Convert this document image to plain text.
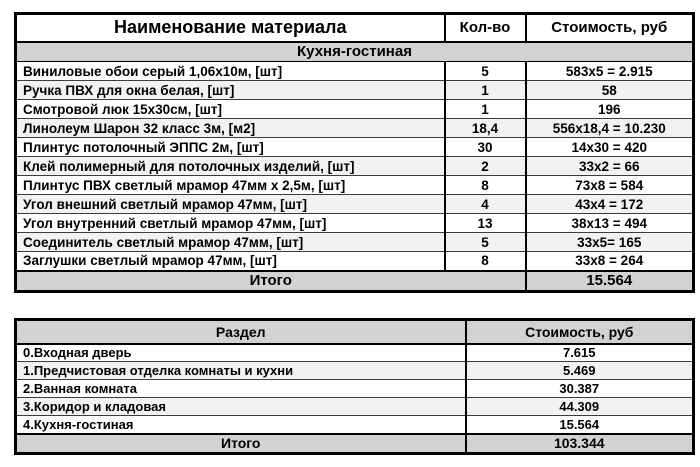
Наименование материала	Кол-во	Стоимость, руб
Кухня-гостиная		
Виниловые обои серый 1,06х10м, [шт]	5	583x5 = 2.915
Ручка ПВХ для окна белая, [шт]	1	58
Смотровой люк 15х30см, [шт]	1	196
Линолеум Шарон 32 класс 3м, [м2]	18,4	556x18,4 = 10.230
Плинтус потолочный ЭППС 2м, [шт]	30	14x30 = 420
Клей полимерный для потолочных изделий, [шт]	2	33x2 = 66
Плинтус ПВХ светлый мрамор 47мм х 2,5м, [шт]	8	73x8 = 584
Угол внешний светлый мрамор 47мм, [шт]	4	43x4 = 172
Угол внутренний светлый мрамор 47мм, [шт]	13	38x13 = 494
Соединитель светлый мрамор 47мм, [шт]	5	33x5= 165
Заглушки светлый мрамор 47мм, [шт]	8	33x8 = 264
Итого		15.564
Раздел	Стоимость, руб
0.Входная дверь	7.615
1.Предчистовая отделка комнаты и кухни	5.469
2.Ванная комната	30.387
3.Коридор и кладовая	44.309
4.Кухня-гостиная	15.564
Итого	103.344
